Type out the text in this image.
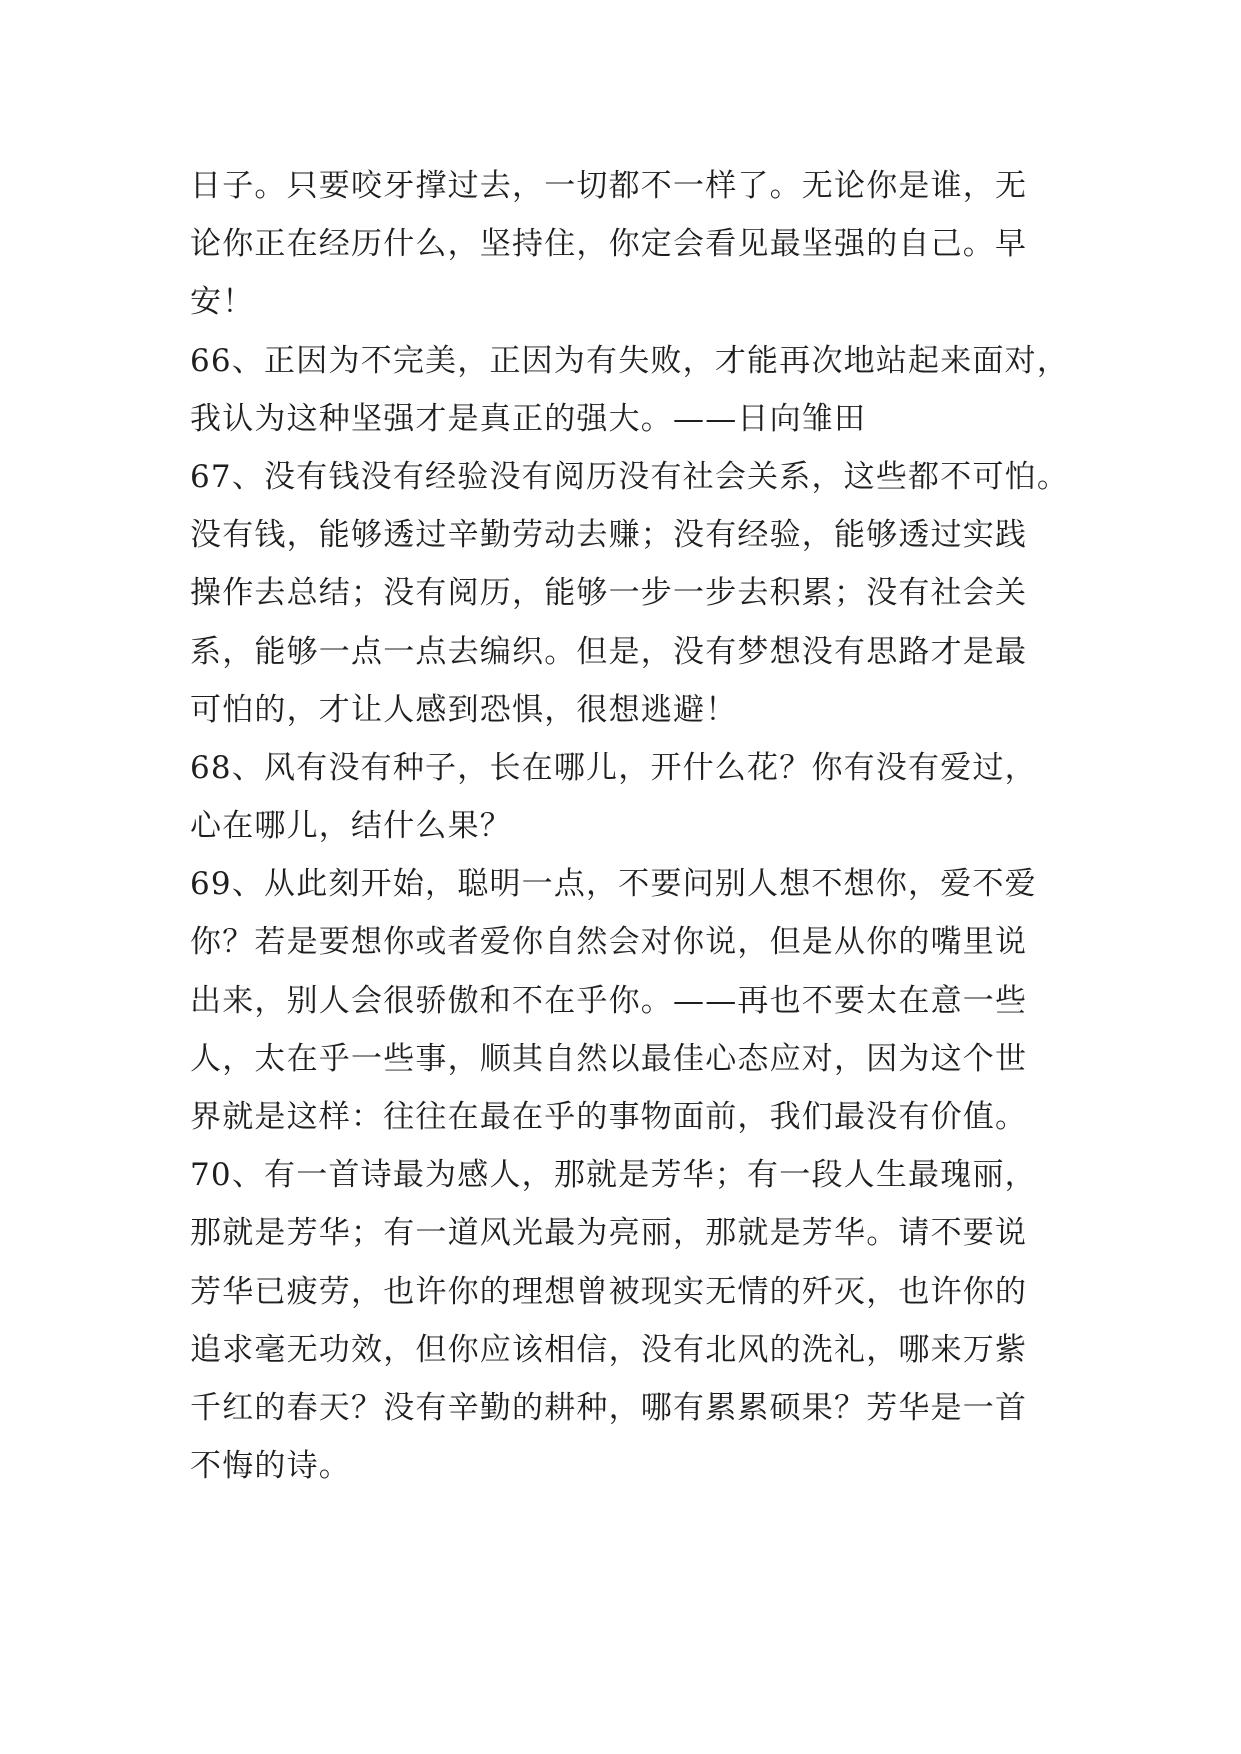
日子。只要咬牙撑过去，一切都不一样了。无论你是谁，无
论你正在经历什么，坚持住，你定会看见最坚强的自己。早
安！
66、正因为不完美，正因为有失败，才能再次地站起来面对，
我认为这种坚强才是真正的强大。——日向雏田
67、没有钱没有经验没有阅历没有社会关系，这些都不可怕。
没有钱，能够透过辛勤劳动去赚；没有经验，能够透过实践
操作去总结；没有阅历，能够一步一步去积累；没有社会关
系，能够一点一点去编织。但是，没有梦想没有思路才是最
可怕的，才让人感到恐惧，很想逃避！
68、风有没有种子，长在哪儿，开什么花？你有没有爱过，
心在哪儿，结什么果？
69、从此刻开始，聪明一点，不要问别人想不想你，爱不爱
你？若是要想你或者爱你自然会对你说，但是从你的嘴里说
出来，别人会很骄傲和不在乎你。——再也不要太在意一些
人，太在乎一些事，顺其自然以最佳心态应对，因为这个世
界就是这样：往往在最在乎的事物面前，我们最没有价值。
70、有一首诗最为感人，那就是芳华；有一段人生最瑰丽，
那就是芳华；有一道风光最为亮丽，那就是芳华。请不要说
芳华已疲劳，也许你的理想曾被现实无情的歼灭，也许你的
追求毫无功效，但你应该相信，没有北风的洗礼，哪来万紫
千红的春天？没有辛勤的耕种，哪有累累硕果？芳华是一首
不悔的诗。
